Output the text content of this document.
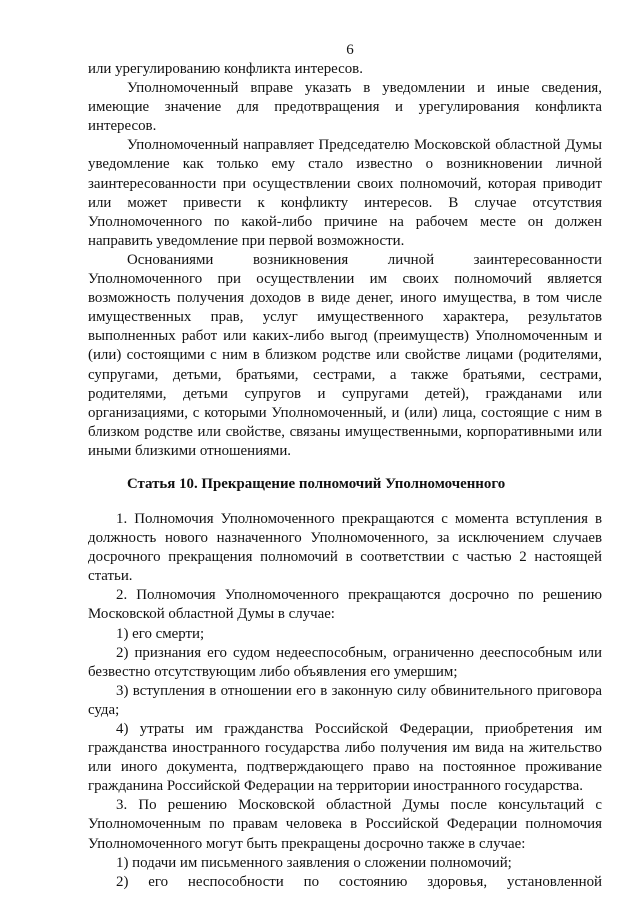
6

или урегулированию конфликта интересов.

Уполномоченный вправе указать в уведомлении и иные сведения, имеющие значение для предотвращения и урегулирования конфликта интересов.

Уполномоченный направляет Председателю Московской областной Думы уведомление как только ему стало известно о возникновении личной заинтересованности при осуществлении своих полномочий, которая приводит или может привести к конфликту интересов. В случае отсутствия Уполномоченного по какой-либо причине на рабочем месте он должен направить уведомление при первой возможности.

Основаниями возникновения личной заинтересованности Уполномоченного при осуществлении им своих полномочий является возможность получения доходов в виде денег, иного имущества, в том числе имущественных прав, услуг имущественного характера, результатов выполненных работ или каких-либо выгод (преимуществ) Уполномоченным и (или) состоящими с ним в близком родстве или свойстве лицами (родителями, супругами, детьми, братьями, сестрами, а также братьями, сестрами, родителями, детьми супругов и супругами детей), гражданами или организациями, с которыми Уполномоченный, и (или) лица, состоящие с ним в близком родстве или свойстве, связаны имущественными, корпоративными или иными близкими отношениями.

Статья 10. Прекращение полномочий Уполномоченного

1. Полномочия Уполномоченного прекращаются с момента вступления в должность нового назначенного Уполномоченного, за исключением случаев досрочного прекращения полномочий в соответствии с частью 2 настоящей статьи.

2. Полномочия Уполномоченного прекращаются досрочно по решению Московской областной Думы в случае:

1) его смерти;

2) признания его судом недееспособным, ограниченно дееспособным или безвестно отсутствующим либо объявления его умершим;

3) вступления в отношении его в законную силу обвинительного приговора суда;

4) утраты им гражданства Российской Федерации, приобретения им гражданства иностранного государства либо получения им вида на жительство или иного документа, подтверждающего право на постоянное проживание гражданина Российской Федерации на территории иностранного государства.

3. По решению Московской областной Думы после консультаций с Уполномоченным по правам человека в Российской Федерации полномочия Уполномоченного могут быть прекращены досрочно также в случае:

1) подачи им письменного заявления о сложении полномочий;

2) его неспособности по состоянию здоровья, установленной
